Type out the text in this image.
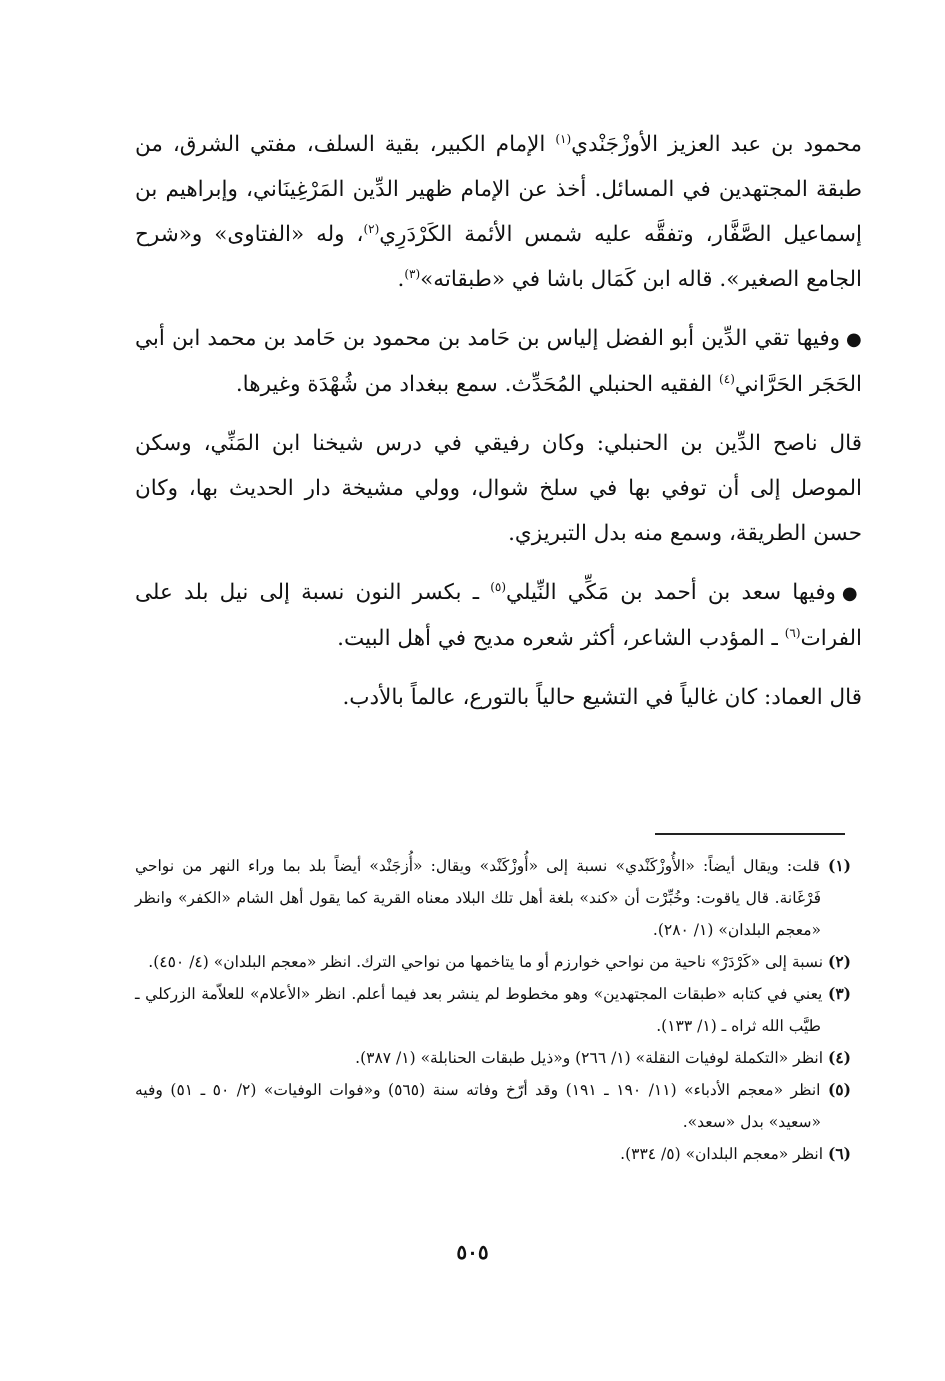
محمود بن عبد العزيز الأوزْجَنْدي$^{(١)}$ الإمام الكبير، بقية السلف، مفتي الشرق، من طبقة المجتهدين في المسائل. أخذ عن الإمام ظهير الدِّين المَرْغِينَاني، وإبراهيم بن إسماعيل الصَّفَّار، وتفقَّه عليه شمس الأئمة الكَرْدَرِي$^{(٢)}$، وله «الفتاوى» و«شرح الجامع الصغير». قاله ابن كَمَال باشا في «طبقاته»$^{(٣)}$.

●وفيها تقي الدِّين أبو الفضل إلياس بن حَامد بن محمود بن حَامد بن محمد ابن أبي الحَجَر الحَرَّاني$^{(٤)}$ الفقيه الحنبلي المُحَدِّث. سمع ببغداد من شُهْدَة وغيرها.

قال ناصح الدِّين بن الحنبلي: وكان رفيقي في درس شيخنا ابن المَنِّي، وسكن الموصل إلى أن توفي بها في سلخ شوال، وولي مشيخة دار الحديث بها، وكان حسن الطريقة، وسمع منه بدل التبريزي.

●وفيها سعد بن أحمد بن مَكِّي النِّيلي$^{(٥)}$ ـ بكسر النون نسبة إلى نيل بلد على الفرات$^{(٦)}$ ـ المؤدب الشاعر، أكثر شعره مديح في أهل البيت.

قال العماد: كان غالياً في التشيع حالياً بالتورع، عالماً بالأدب.

(١) قلت: ويقال أيضاً: «الأُوزْكَنْدي» نسبة إلى «أُوزْكَنْد» ويقال: «أُزجَنْد» أيضاً بلد بما وراء النهر من نواحي فَرْغَانة. قال ياقوت: وخُبِّرْت أن «كند» بلغة أهل تلك البلاد معناه القرية كما يقول أهل الشام «الكفر» وانظر «معجم البلدان» (١/ ٢٨٠).

(٢) نسبة إلى «كَرْدَرْ» ناحية من نواحي خوارزم أو ما يتاخمها من نواحي الترك. انظر «معجم البلدان» (٤/ ٤٥٠).

(٣) يعني في كتابه «طبقات المجتهدين» وهو مخطوط لم ينشر بعد فيما أعلم. انظر «الأعلام» للعلاّمة الزركلي ـ طيَّب الله ثراه ـ (١/ ١٣٣).

(٤) انظر «التكملة لوفيات النقلة» (١/ ٢٦٦) و«ذيل طبقات الحنابلة» (١/ ٣٨٧).

(٥) انظر «معجم الأدباء» (١١/ ١٩٠ ـ ١٩١) وقد أرّخ وفاته سنة (٥٦٥) و«فوات الوفيات» (٢/ ٥٠ ـ ٥١) وفيه «سعيد» بدل «سعد».

(٦) انظر «معجم البلدان» (٥/ ٣٣٤).

٥٠٥
